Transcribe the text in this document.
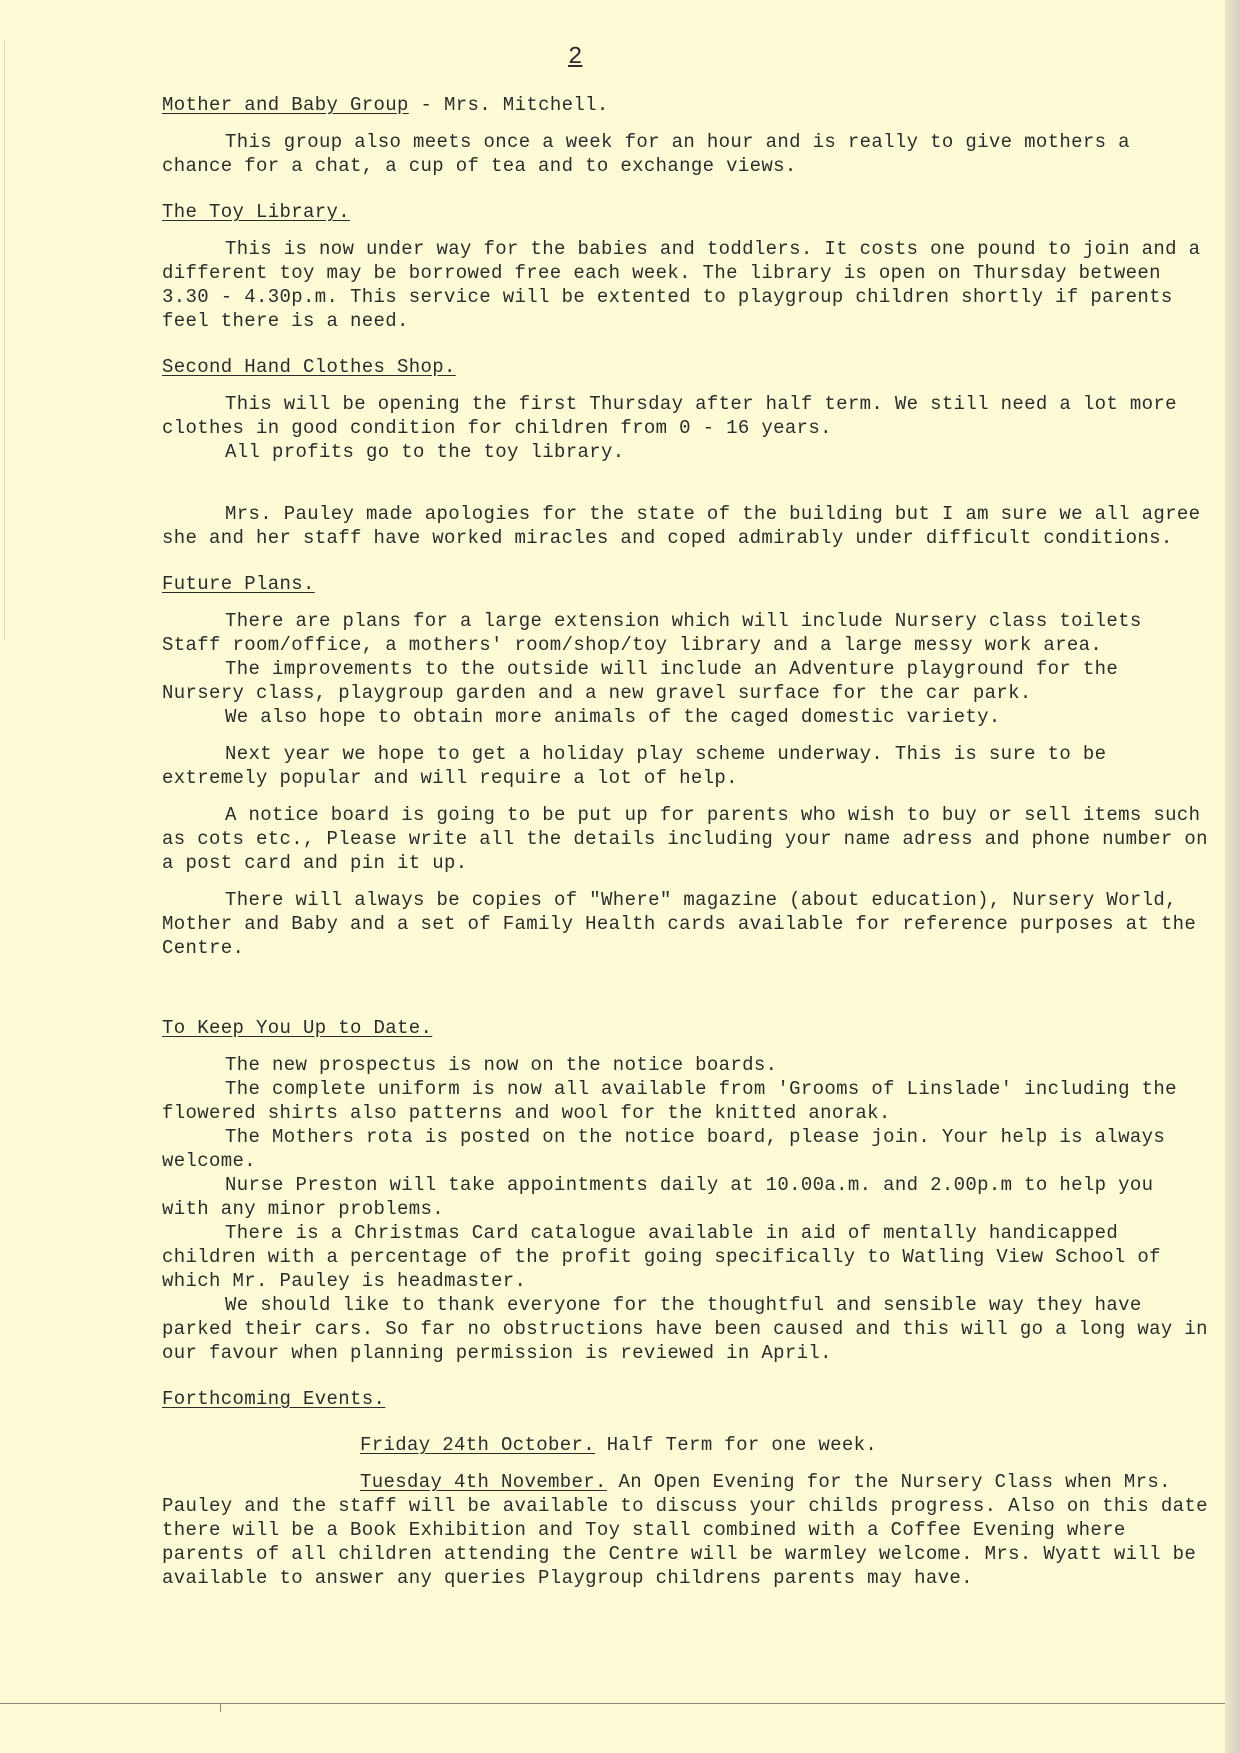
2

Mother and Baby Group - Mrs. Mitchell.

This group also meets once a week for an hour and is really to give mothers a chance for a chat, a cup of tea and to exchange views.

The Toy Library.

This is now under way for the babies and toddlers. It costs one pound to join and a different toy may be borrowed free each week. The library is open on Thursday between 3.30 - 4.30p.m. This service will be extented to playgroup children shortly if parents feel there is a need.

Second Hand Clothes Shop.

This will be opening the first Thursday after half term. We still need a lot more clothes in good condition for children from 0 - 16 years.

All profits go to the toy library.

Mrs. Pauley made apologies for the state of the building but I am sure we all agree she and her staff have worked miracles and coped admirably under difficult conditions.

Future Plans.

There are plans for a large extension which will include Nursery class toilets Staff room/office, a mothers' room/shop/toy library and a large messy work area.

The improvements to the outside will include an Adventure playground for the Nursery class, playgroup garden and a new gravel surface for the car park.

We also hope to obtain more animals of the caged domestic variety.

Next year we hope to get a holiday play scheme underway. This is sure to be extremely popular and will require a lot of help.

A notice board is going to be put up for parents who wish to buy or sell items such as cots etc., Please write all the details including your name adress and phone number on a post card and pin it up.

There will always be copies of "Where" magazine (about education), Nursery World, Mother and Baby and a set of Family Health cards available for reference purposes at the Centre.

To Keep You Up to Date.

The new prospectus is now on the notice boards.

The complete uniform is now all available from 'Grooms of Linslade' including the flowered shirts also patterns and wool for the knitted anorak.

The Mothers rota is posted on the notice board, please join. Your help is always welcome.

Nurse Preston will take appointments daily at 10.00a.m. and 2.00p.m to help you with any minor problems.

There is a Christmas Card catalogue available in aid of mentally handicapped children with a percentage of the profit going specifically to Watling View School of which Mr. Pauley is headmaster.

We should like to thank everyone for the thoughtful and sensible way they have parked their cars. So far no obstructions have been caused and this will go a long way in our favour when planning permission is reviewed in April.

Forthcoming Events.

Friday 24th October. Half Term for one week.

Tuesday 4th November. An Open Evening for the Nursery Class when Mrs. Pauley and the staff will be available to discuss your childs progress. Also on this date there will be a Book Exhibition and Toy stall combined with a Coffee Evening where parents of all children attending the Centre will be warmley welcome. Mrs. Wyatt will be available to answer any queries Playgroup childrens parents may have.
